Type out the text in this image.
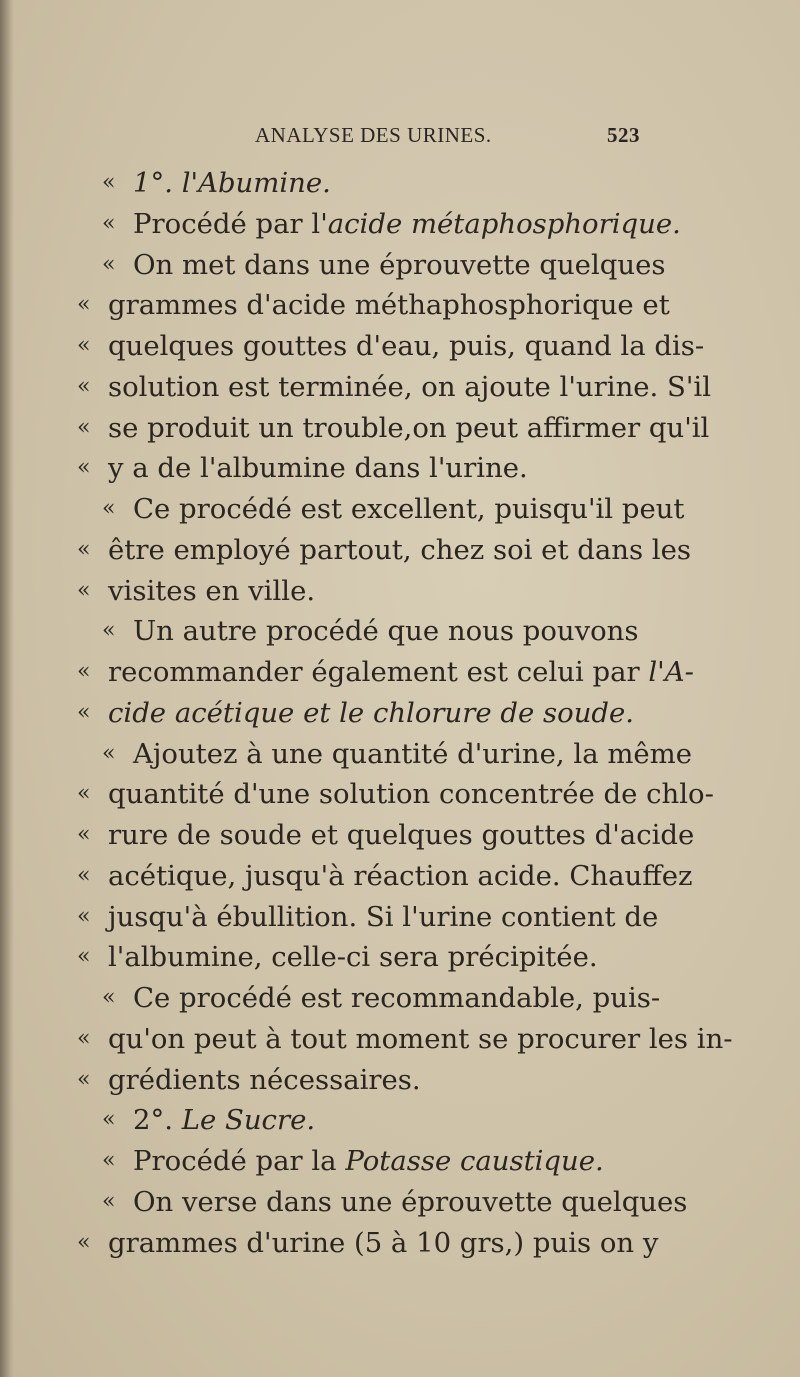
ANALYSE DES URINES.	523
« 1°. l'Abumine.
« Procédé par l'acide métaphosphorique.
« On met dans une éprouvette quelques
« grammes d'acide méthaphosphorique et
« quelques gouttes d'eau, puis, quand la dis-
« solution est terminée, on ajoute l'urine. S'il
« se produit un trouble,on peut affirmer qu'il
« y a de l'albumine dans l'urine.
« Ce procédé est excellent, puisqu'il peut
« être employé partout, chez soi et dans les
« visites en ville.
« Un autre procédé que nous pouvons
« recommander également est celui par l'A-
« cide acétique et le chlorure de soude.
« Ajoutez à une quantité d'urine, la même
« quantité d'une solution concentrée de chlo-
« rure de soude et quelques gouttes d'acide
« acétique, jusqu'à réaction acide. Chauffez
« jusqu'à ébullition. Si l'urine contient de
« l'albumine, celle-ci sera précipitée.
« Ce procédé est recommandable, puis-
« qu'on peut à tout moment se procurer les in-
« grédients nécessaires.
« 2°. Le Sucre.
« Procédé par la Potasse caustique.
« On verse dans une éprouvette quelques
« grammes d'urine (5 à 10 grs,) puis on y
